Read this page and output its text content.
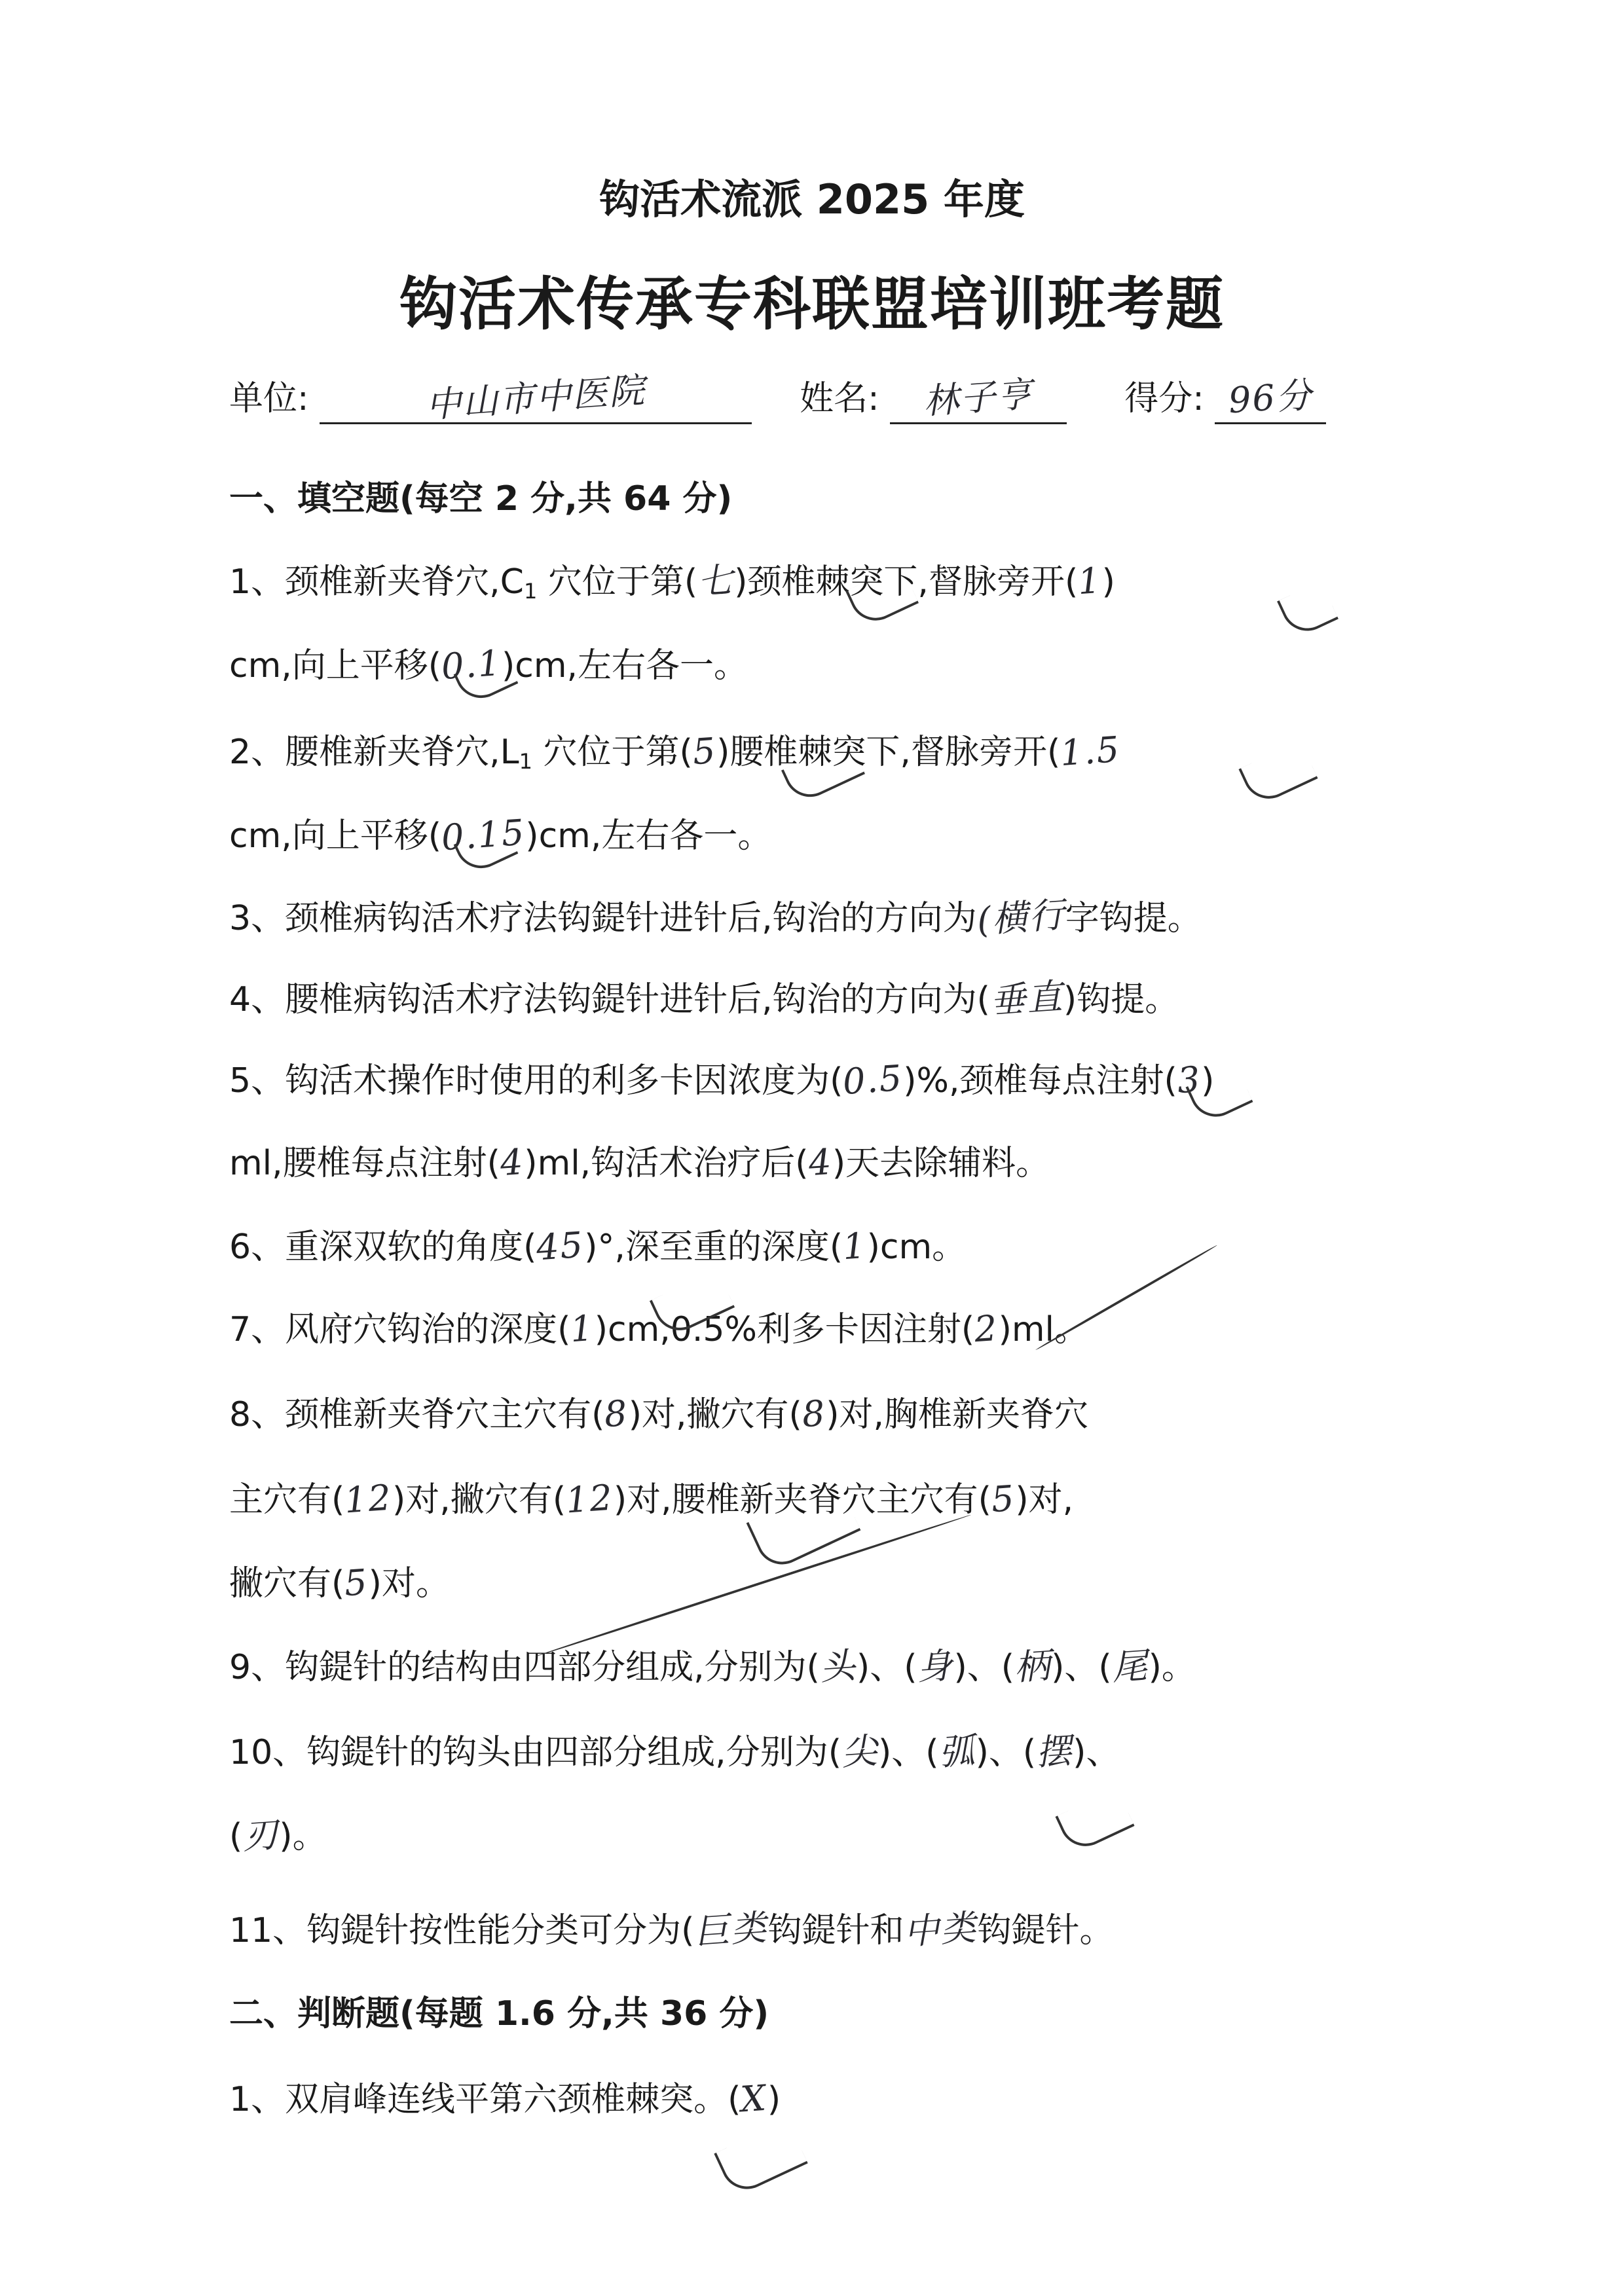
钩活术流派 2025 年度
钩活术传承专科联盟培训班考题
单位:	中山市中医院	姓名: 林子亨	得分: 96分
一、填空题(每空 2 分,共 64 分)
1、颈椎新夹脊穴$,C_1$ 穴位于第(七)颈椎棘突下,督脉旁开(1)
cm,向上平移(0.1)cm,左右各一。
2、腰椎新夹脊穴$,L_1$ 穴位于第(5)腰椎棘突下,督脉旁开(1.5
cm,向上平移(0.15)cm,左右各一。
3、颈椎病钩活术疗法钩鍉针进针后,钩治的方向为(横行字钩提。
4、腰椎病钩活术疗法钩鍉针进针后,钩治的方向为(垂直)钩提。
5、钩活术操作时使用的利多卡因浓度为(0.5)%,颈椎每点注射(3)
ml,腰椎每点注射(4)ml,钩活术治疗后(4)天去除辅料。
6、重深双软的角度(45)°,深至重的深度(1)cm。
7、风府穴钩治的深度(1)cm,0.5%利多卡因注射(2)ml。
8、颈椎新夹脊穴主穴有(8)对,撇穴有(8)对,胸椎新夹脊穴
主穴有(12)对,撇穴有(12)对,腰椎新夹脊穴主穴有(5)对,
撇穴有(5)对。
9、钩鍉针的结构由四部分组成,分别为(头)、(身)、(柄)、(尾)。
10、钩鍉针的钩头由四部分组成,分别为(尖)、(弧)、(摆)、
(刃)。
11、钩鍉针按性能分类可分为(巨类钩鍉针和中类钩鍉针。
二、判断题(每题 1.6 分,共 36 分)
1、双肩峰连线平第六颈椎棘突。(X)
